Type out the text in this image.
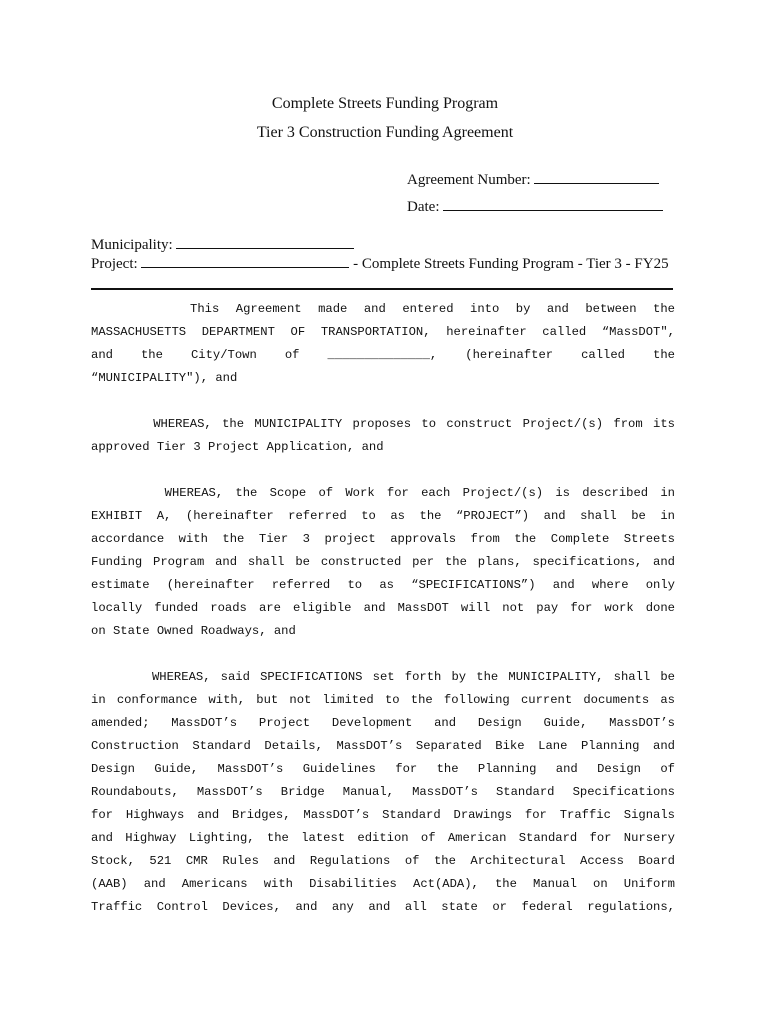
Complete Streets Funding Program
Tier 3 Construction Funding Agreement
Agreement Number:
Date:
Municipality:
Project:	- Complete Streets Funding Program - Tier 3 - FY25
This Agreement made and entered into by and between the
MASSACHUSETTS DEPARTMENT OF TRANSPORTATION, hereinafter called “MassDOT",
and the City/Town of ______________, (hereinafter called the
“MUNICIPALITY"), and
WHEREAS, the MUNICIPALITY proposes to construct Project/(s) from its
approved Tier 3 Project Application, and
WHEREAS, the Scope of Work for each Project/(s) is described in
EXHIBIT A, (hereinafter referred to as the “PROJECT”) and shall be in
accordance with the Tier 3 project approvals from the Complete Streets
Funding Program and shall be constructed per the plans, specifications, and
estimate (hereinafter referred to as “SPECIFICATIONS”) and where only
locally funded roads are eligible and MassDOT will not pay for work done
on State Owned Roadways, and
WHEREAS, said SPECIFICATIONS set forth by the MUNICIPALITY, shall be
in conformance with, but not limited to the following current documents as
amended; MassDOT’s Project Development and Design Guide, MassDOT’s
Construction Standard Details, MassDOT’s Separated Bike Lane Planning and
Design Guide, MassDOT’s Guidelines for the Planning and Design of
Roundabouts, MassDOT’s Bridge Manual, MassDOT’s Standard Specifications
for Highways and Bridges, MassDOT’s Standard Drawings for Traffic Signals
and Highway Lighting, the latest edition of American Standard for Nursery
Stock, 521 CMR Rules and Regulations of the Architectural Access Board
(AAB) and Americans with Disabilities Act(ADA), the Manual on Uniform
Traffic Control Devices, and any and all state or federal regulations,
